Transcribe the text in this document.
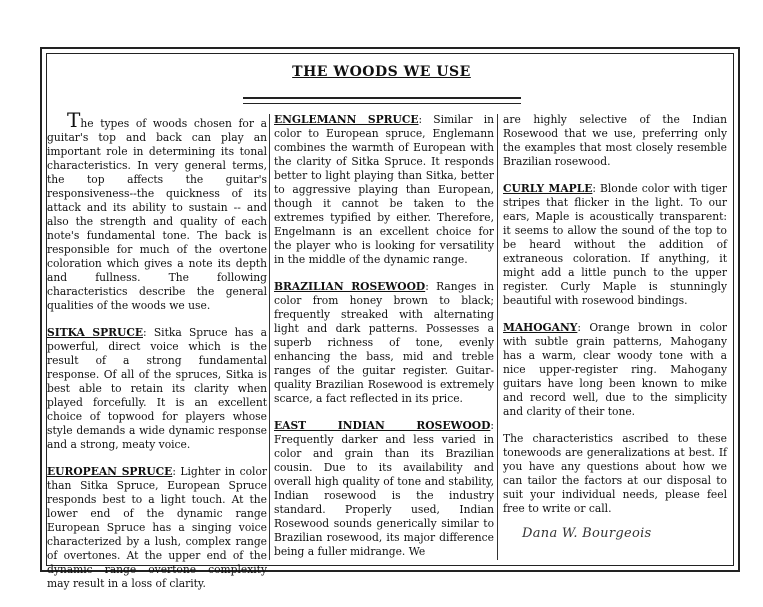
THE WOODS WE USE

The types of woods chosen for a guitar's top and back can play an important role in determining its tonal characteristics. In very general terms, the top affects the guitar's responsiveness--the quickness of its attack and its ability to sustain -- and also the strength and quality of each note's fundamental tone. The back is responsible for much of the overtone coloration which gives a note its depth and fullness. The following characteristics describe the general qualities of the woods we use.

SITKA SPRUCE: Sitka Spruce has a powerful, direct voice which is the result of a strong fundamental response. Of all of the spruces, Sitka is best able to retain its clarity when played forcefully. It is an excellent choice of topwood for players whose style demands a wide dynamic response and a strong, meaty voice.

EUROPEAN SPRUCE: Lighter in color than Sitka Spruce, European Spruce responds best to a light touch. At the lower end of the dynamic range European Spruce has a singing voice characterized by a lush, complex range of overtones. At the upper end of the dynamic range overtone complexity may result in a loss of clarity.

ENGLEMANN SPRUCE: Similar in color to European spruce, Englemann combines the warmth of European with the clarity of Sitka Spruce. It responds better to light playing than Sitka, better to aggressive playing than European, though it cannot be taken to the extremes typified by either. Therefore, Engelmann is an excellent choice for the player who is looking for versatility in the middle of the dynamic range.

BRAZILIAN ROSEWOOD: Ranges in color from honey brown to black; frequently streaked with alternating light and dark patterns. Possesses a superb richness of tone, evenly enhancing the bass, mid and treble ranges of the guitar register. Guitar-quality Brazilian Rosewood is extremely scarce, a fact reflected in its price.

EAST INDIAN ROSEWOOD: Frequently darker and less varied in color and grain than its Brazilian cousin. Due to its availability and overall high quality of tone and stability, Indian rosewood is the industry standard. Properly used, Indian Rosewood sounds generically similar to Brazilian rosewood, its major difference being a fuller midrange. We

are highly selective of the Indian Rosewood that we use, preferring only the examples that most closely resemble Brazilian rosewood.

CURLY MAPLE: Blonde color with tiger stripes that flicker in the light. To our ears, Maple is acoustically transparent: it seems to allow the sound of the top to be heard without the addition of extraneous coloration. If anything, it might add a little punch to the upper register. Curly Maple is stunningly beautiful with rosewood bindings.

MAHOGANY: Orange brown in color with subtle grain patterns, Mahogany has a warm, clear woody tone with a nice upper-register ring. Mahogany guitars have long been known to mike and record well, due to the simplicity and clarity of their tone.

The characteristics ascribed to these tonewoods are generalizations at best. If you have any questions about how we can tailor the factors at our disposal to suit your individual needs, please feel free to write or call.

Dana W. Bourgeois
